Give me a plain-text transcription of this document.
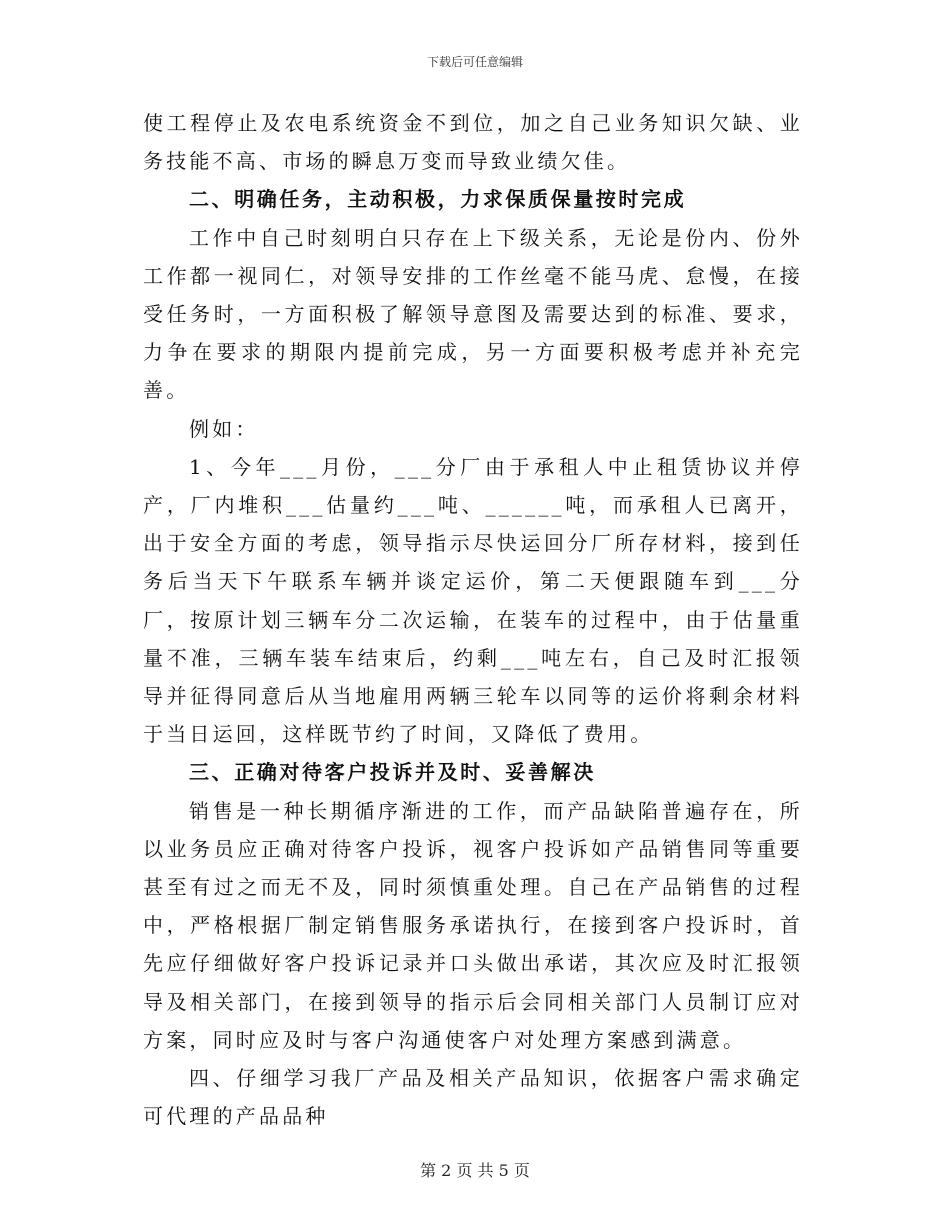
下载后可任意编辑

使工程停止及农电系统资金不到位，加之自己业务知识欠缺、业务技能不高、市场的瞬息万变而导致业绩欠佳。

二、明确任务，主动积极，力求保质保量按时完成

工作中自己时刻明白只存在上下级关系，无论是份内、份外工作都一视同仁，对领导安排的工作丝毫不能马虎、怠慢，在接受任务时，一方面积极了解领导意图及需要达到的标准、要求，力争在要求的期限内提前完成，另一方面要积极考虑并补充完善。

例如：

1、今年___月份，___分厂由于承租人中止租赁协议并停产，厂内堆积___估量约___吨、______吨，而承租人已离开，出于安全方面的考虑，领导指示尽快运回分厂所存材料，接到任务后当天下午联系车辆并谈定运价，第二天便跟随车到___分厂，按原计划三辆车分二次运输，在装车的过程中，由于估量重量不准，三辆车装车结束后，约剩___吨左右，自己及时汇报领导并征得同意后从当地雇用两辆三轮车以同等的运价将剩余材料于当日运回，这样既节约了时间，又降低了费用。

三、正确对待客户投诉并及时、妥善解决

销售是一种长期循序渐进的工作，而产品缺陷普遍存在，所以业务员应正确对待客户投诉，视客户投诉如产品销售同等重要甚至有过之而无不及，同时须慎重处理。自己在产品销售的过程中，严格根据厂制定销售服务承诺执行，在接到客户投诉时，首先应仔细做好客户投诉记录并口头做出承诺，其次应及时汇报领导及相关部门，在接到领导的指示后会同相关部门人员制订应对方案，同时应及时与客户沟通使客户对处理方案感到满意。

四、仔细学习我厂产品及相关产品知识，依据客户需求确定可代理的产品品种

第 2 页 共 5 页
